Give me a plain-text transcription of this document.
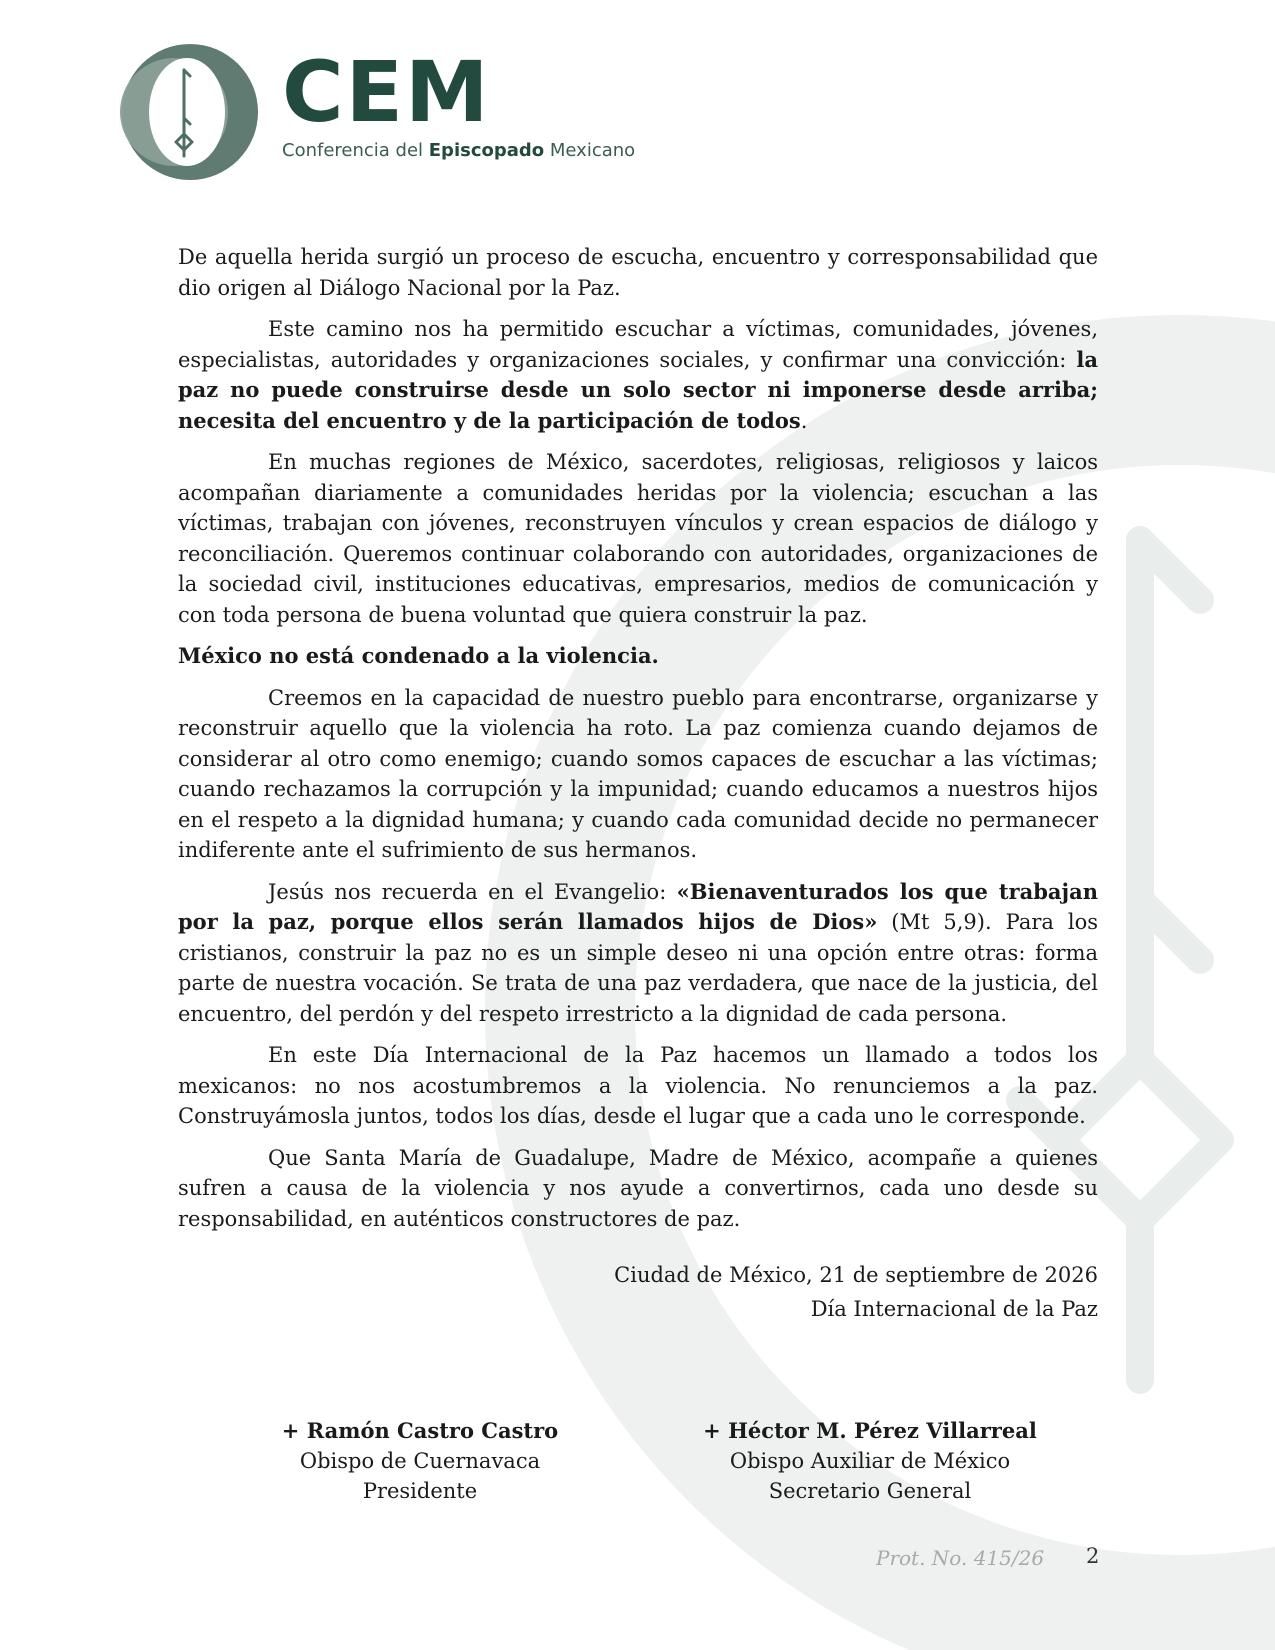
CEM
Conferencia del Episcopado Mexicano

De aquella herida surgió un proceso de escucha, encuentro y corresponsabilidad que dio origen al Diálogo Nacional por la Paz.

Este camino nos ha permitido escuchar a víctimas, comunidades, jóvenes, especialistas, autoridades y organizaciones sociales, y confirmar una convicción: la paz no puede construirse desde un solo sector ni imponerse desde arriba; necesita del encuentro y de la participación de todos.

En muchas regiones de México, sacerdotes, religiosas, religiosos y laicos acompañan diariamente a comunidades heridas por la violencia; escuchan a las víctimas, trabajan con jóvenes, reconstruyen vínculos y crean espacios de diálogo y reconciliación. Queremos continuar colaborando con autoridades, organizaciones de la sociedad civil, instituciones educativas, empresarios, medios de comunicación y con toda persona de buena voluntad que quiera construir la paz.

México no está condenado a la violencia.

Creemos en la capacidad de nuestro pueblo para encontrarse, organizarse y reconstruir aquello que la violencia ha roto. La paz comienza cuando dejamos de considerar al otro como enemigo; cuando somos capaces de escuchar a las víctimas; cuando rechazamos la corrupción y la impunidad; cuando educamos a nuestros hijos en el respeto a la dignidad humana; y cuando cada comunidad decide no permanecer indiferente ante el sufrimiento de sus hermanos.

Jesús nos recuerda en el Evangelio: «Bienaventurados los que trabajan por la paz, porque ellos serán llamados hijos de Dios» (Mt 5,9). Para los cristianos, construir la paz no es un simple deseo ni una opción entre otras: forma parte de nuestra vocación. Se trata de una paz verdadera, que nace de la justicia, del encuentro, del perdón y del respeto irrestricto a la dignidad de cada persona.

En este Día Internacional de la Paz hacemos un llamado a todos los mexicanos: no nos acostumbremos a la violencia. No renunciemos a la paz. Construyámosla juntos, todos los días, desde el lugar que a cada uno le corresponde.

Que Santa María de Guadalupe, Madre de México, acompañe a quienes sufren a causa de la violencia y nos ayude a convertirnos, cada uno desde su responsabilidad, en auténticos constructores de paz.

Ciudad de México, 21 de septiembre de 2026
Día Internacional de la Paz
+ Ramón Castro Castro
Obispo de Cuernavaca
Presidente
+ Héctor M. Pérez Villarreal
Obispo Auxiliar de México
Secretario General
Prot. No. 415/26 2
